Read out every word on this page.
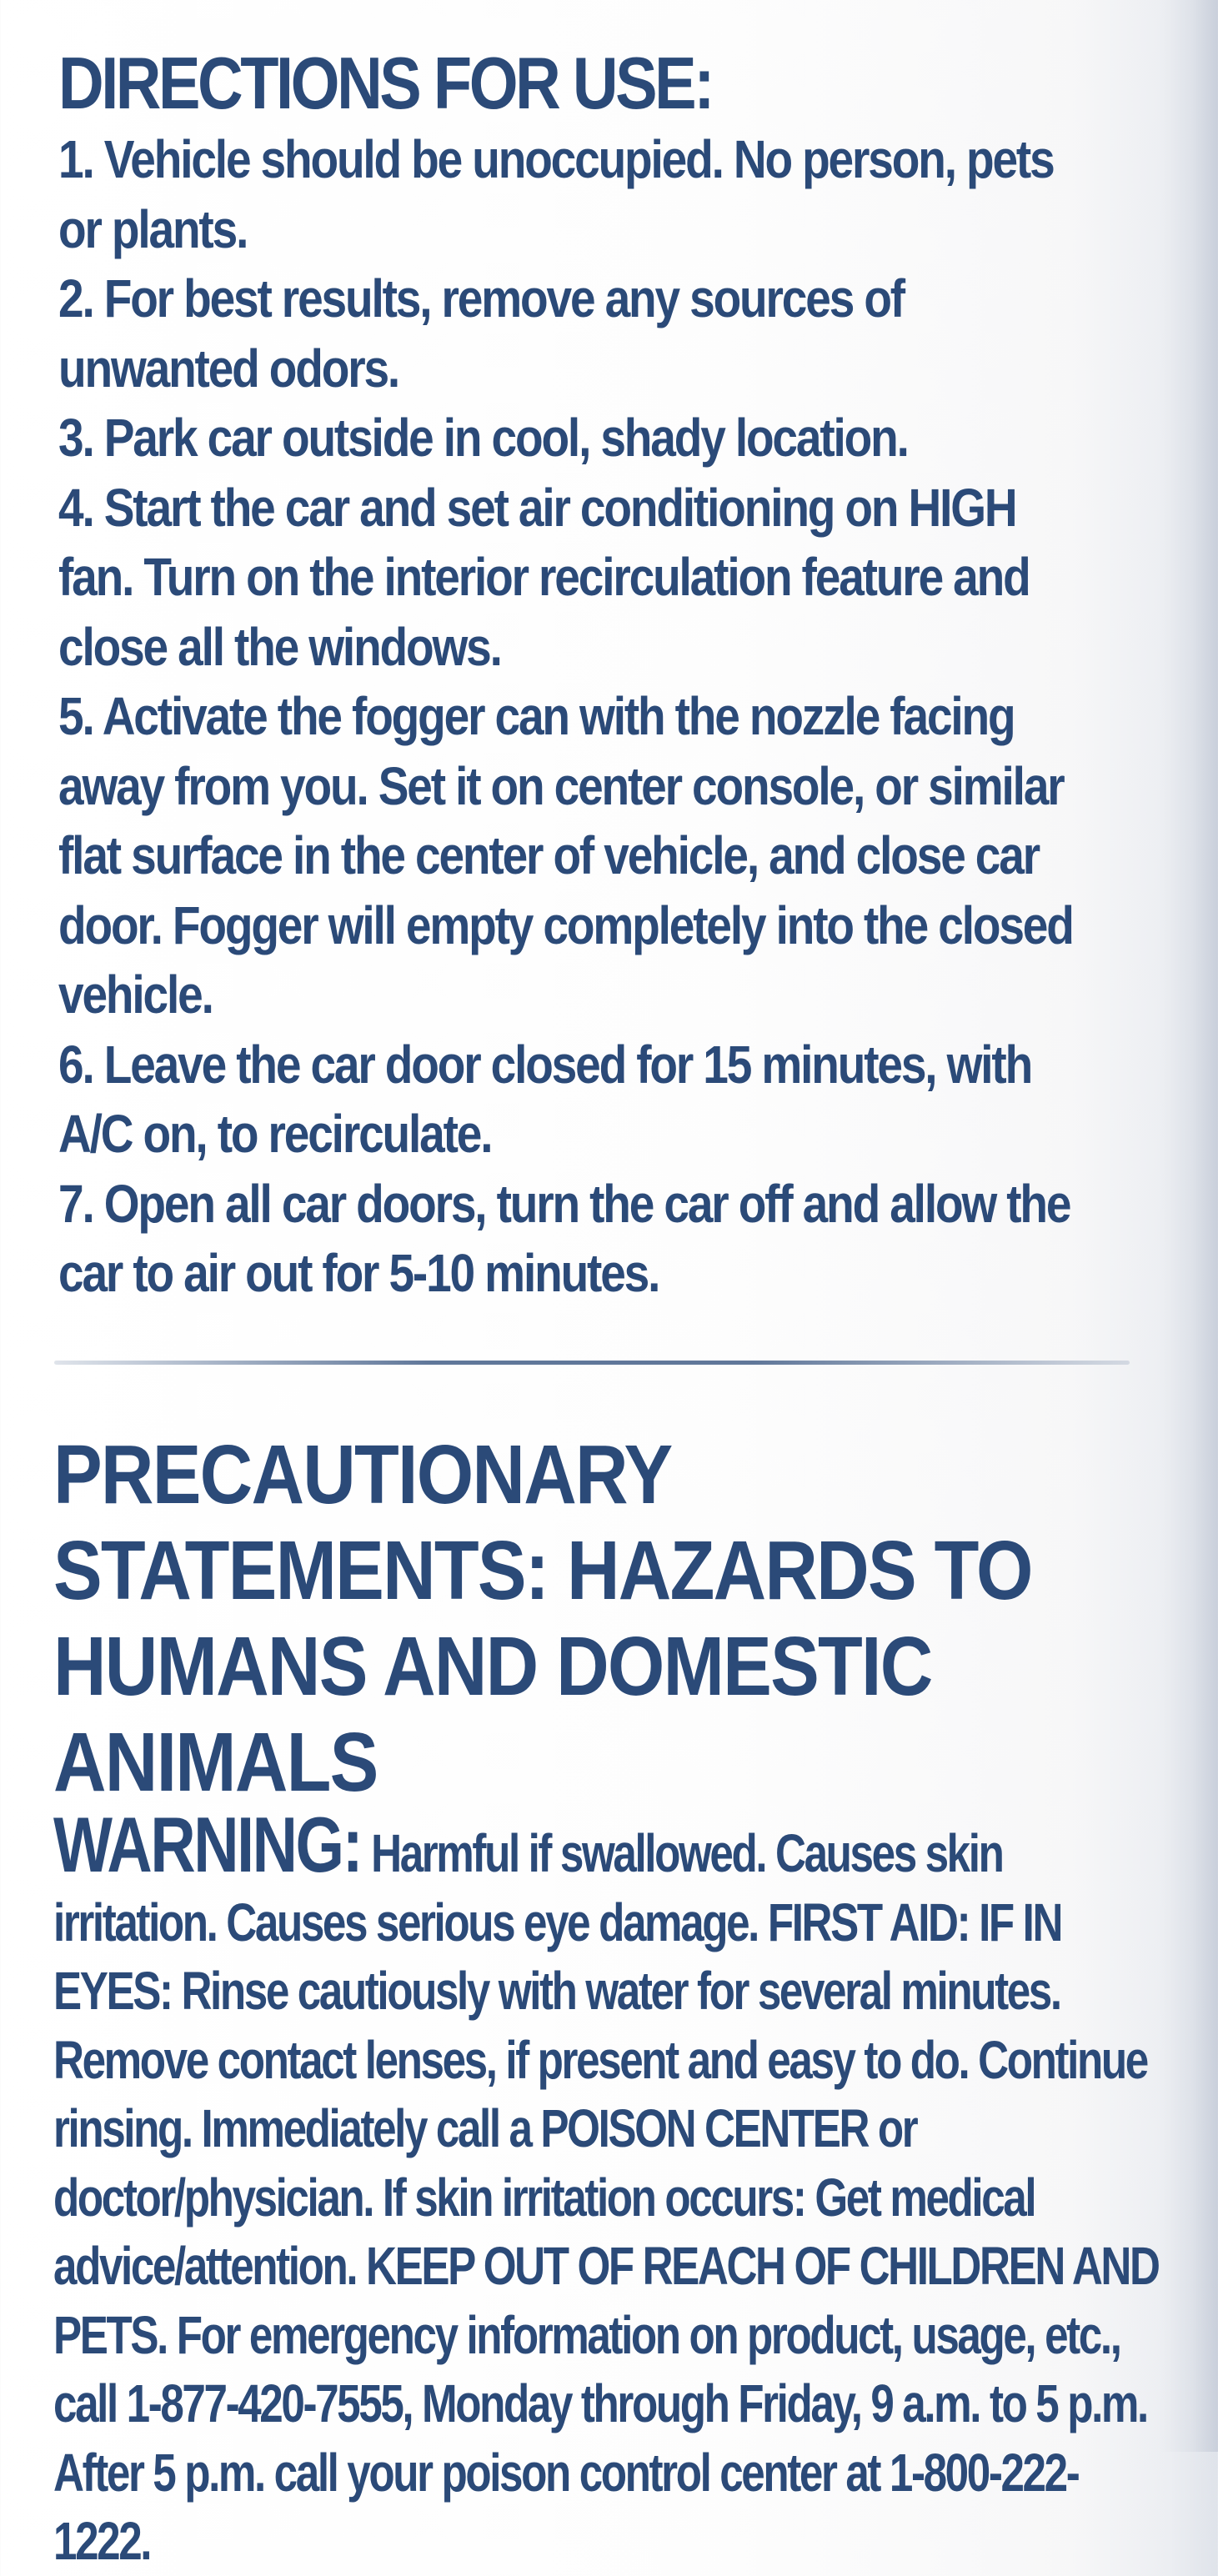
DIRECTIONS FOR USE:
1. Vehicle should be unoccupied. No person, pets or plants.
2. For best results, remove any sources of unwanted odors.
3. Park car outside in cool, shady location.
4. Start the car and set air conditioning on HIGH fan. Turn on the interior recirculation feature and close all the windows.
5. Activate the fogger can with the nozzle facing away from you. Set it on center console, or similar flat surface in the center of vehicle, and close car door. Fogger will empty completely into the closed vehicle.
6. Leave the car door closed for 15 minutes, with A/C on, to recirculate.
7. Open all car doors, turn the car off and allow the car to air out for 5-10 minutes.
PRECAUTIONARY STATEMENTS: HAZARDS TO HUMANS AND DOMESTIC ANIMALS

WARNING: Harmful if swallowed. Causes skin irritation. Causes serious eye damage. FIRST AID: IF IN EYES: Rinse cautiously with water for several minutes. Remove contact lenses, if present and easy to do. Continue rinsing. Immediately call a POISON CENTER or doctor/physician. If skin irritation occurs: Get medical advice/attention. KEEP OUT OF REACH OF CHILDREN AND PETS. For emergency information on product, usage, etc., call 1-877-420-7555, Monday through Friday, 9 a.m. to 5 p.m. After 5 p.m. call your poison control center at 1-800-222-1222.
